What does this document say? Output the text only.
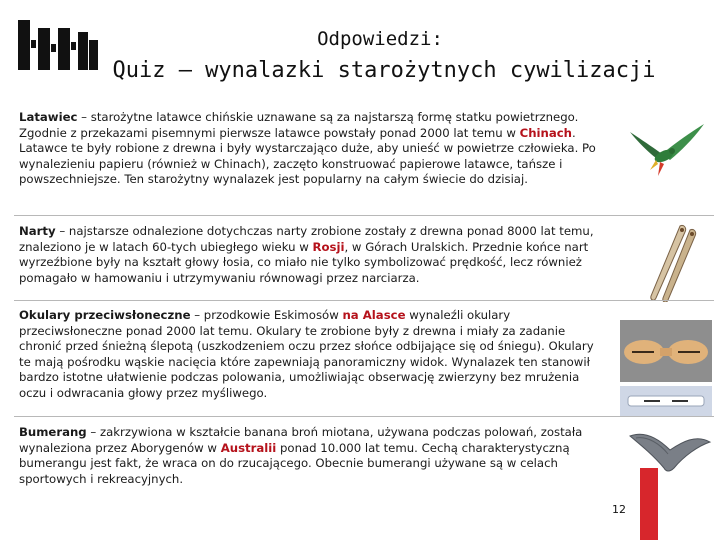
Odpowiedzi:
Quiz – wynalazki starożytnych cywilizacji
Latawiec – starożytne latawce chińskie uznawane są za najstarszą formę statku powietrznego. Zgodnie z przekazami pisemnymi pierwsze latawce powstały ponad 2000 lat temu w Chinach. Latawce te były robione z drewna i były wystarczająco duże, aby unieść w powietrze człowieka. Po wynalezieniu papieru (również w Chinach), zaczęto konstruować papierowe latawce, tańsze i powszechniejsze. Ten starożytny wynalazek jest popularny na całym świecie do dzisiaj.
Narty – najstarsze odnalezione dotychczas narty zrobione zostały z drewna ponad 8000 lat temu, znaleziono je w latach 60-tych ubiegłego wieku w Rosji, w Górach Uralskich. Przednie końce nart wyrzeźbione były na kształt głowy łosia, co miało nie tylko symbolizować prędkość, lecz również pomagało w hamowaniu i utrzymywaniu równowagi przez narciarza.
Okulary przeciwsłoneczne – przodkowie Eskimosów na Alasce wynaleźli okulary przeciwsłoneczne ponad 2000 lat temu. Okulary te zrobione były z drewna i miały za zadanie chronić przed śnieżną ślepotą (uszkodzeniem oczu przez słońce odbijające się od śniegu). Okulary te mają pośrodku wąskie nacięcia które zapewniają panoramiczny widok. Wynalazek ten stanowił bardzo istotne ułatwienie podczas polowania, umożliwiając obserwację zwierzyny bez mrużenia oczu i odwracania głowy przez myśliwego.
Bumerang – zakrzywiona w kształcie banana broń miotana, używana podczas polowań, została wynaleziona przez Aborygenów w Australii ponad 10.000 lat temu. Cechą charakterystyczną bumerangu jest fakt, że wraca on do rzucającego. Obecnie bumerangi używane są w celach sportowych i rekreacyjnych.
12
